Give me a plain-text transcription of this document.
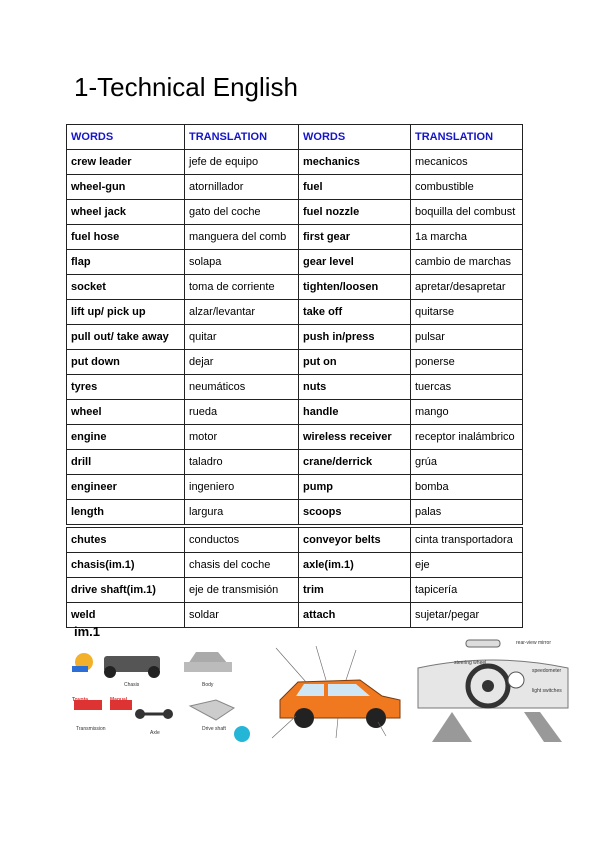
1-Technical English
WORDS	TRANSLATION	WORDS	TRANSLATION
crew leader	jefe de equipo	mechanics	mecanicos
wheel-gun	atornillador	fuel	combustible
wheel jack	gato del coche	fuel nozzle	boquilla del combust
fuel hose	manguera del comb	first gear	1a marcha
flap	solapa	gear level	cambio de marchas
socket	toma de corriente	tighten/loosen	apretar/desapretar
lift up/ pick up	alzar/levantar	take off	quitarse
pull out/ take away	quitar	push in/press	pulsar
put down	dejar	put on	ponerse
tyres	neumáticos	nuts	tuercas
wheel	rueda	handle	mango
engine	motor	wireless receiver	receptor inalámbrico
drill	taladro	crane/derrick	grúa
engineer	ingeniero	pump	bomba
length	largura	scoops	palas
chutes	conductos	conveyor belts	cinta transportadora
chasis(im.1)	chasis del coche	axle(im.1)	eje
drive shaft(im.1)	eje de transmisión	trim	tapicería
weld	soldar	attach	sujetar/pegar
im.1
Toyota	Manual
Chasis	Body
Transmission
Axle
Drive shaft
rear-view mirror
steering wheel
speedometer
light switches
